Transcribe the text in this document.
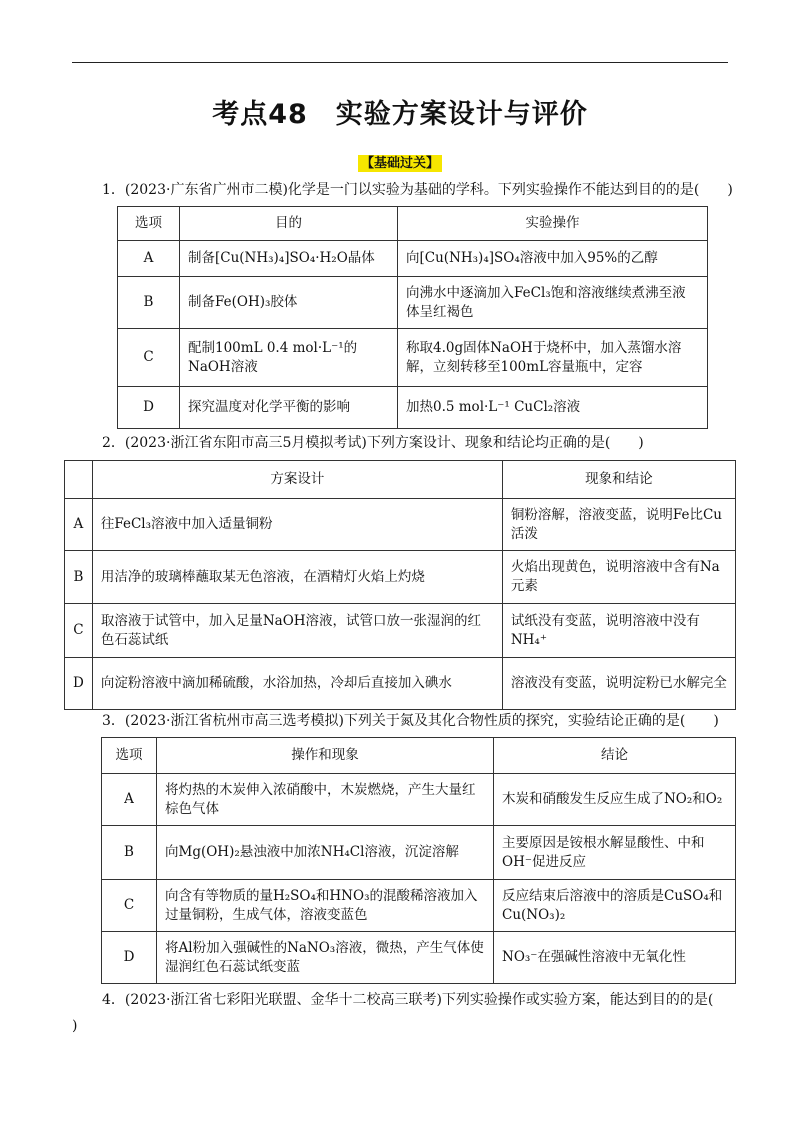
考点48　实验方案设计与评价
【基础过关】
1．(2023·广东省广州市二模)化学是一门以实验为基础的学科。下列实验操作不能达到目的的是(　　)
选项	目的	实验操作
A	制备[Cu(NH₃)₄]SO₄·H₂O晶体	向[Cu(NH₃)₄]SO₄溶液中加入95%的乙醇
B	制备Fe(OH)₃胶体	向沸水中逐滴加入FeCl₃饱和溶液继续煮沸至液体呈红褐色
C	配制100mL 0.4 mol·L⁻¹的NaOH溶液	称取4.0g固体NaOH于烧杯中，加入蒸馏水溶解，立刻转移至100mL容量瓶中，定容
D	探究温度对化学平衡的影响	加热0.5 mol·L⁻¹ CuCl₂溶液
2．(2023·浙江省东阳市高三5月模拟考试)下列方案设计、现象和结论均正确的是(　　)
	方案设计	现象和结论
A	往FeCl₃溶液中加入适量铜粉	铜粉溶解，溶液变蓝，说明Fe比Cu活泼
B	用洁净的玻璃棒蘸取某无色溶液，在酒精灯火焰上灼烧	火焰出现黄色，说明溶液中含有Na元素
C	取溶液于试管中，加入足量NaOH溶液，试管口放一张湿润的红色石蕊试纸	试纸没有变蓝，说明溶液中没有NH₄⁺
D	向淀粉溶液中滴加稀硫酸，水浴加热，冷却后直接加入碘水	溶液没有变蓝，说明淀粉已水解完全
3．(2023·浙江省杭州市高三选考模拟)下列关于氮及其化合物性质的探究，实验结论正确的是(　　)
选项	操作和现象	结论
A	将灼热的木炭伸入浓硝酸中，木炭燃烧，产生大量红棕色气体	木炭和硝酸发生反应生成了NO₂和O₂
B	向Mg(OH)₂悬浊液中加浓NH₄Cl溶液，沉淀溶解	主要原因是铵根水解显酸性、中和OH⁻促进反应
C	向含有等物质的量H₂SO₄和HNO₃的混酸稀溶液加入过量铜粉，生成气体，溶液变蓝色	反应结束后溶液中的溶质是CuSO₄和Cu(NO₃)₂
D	将Al粉加入强碱性的NaNO₃溶液，微热，产生气体使湿润红色石蕊试纸变蓝	NO₃⁻在强碱性溶液中无氧化性
4．(2023·浙江省七彩阳光联盟、金华十二校高三联考)下列实验操作或实验方案，能达到目的的是(
)
